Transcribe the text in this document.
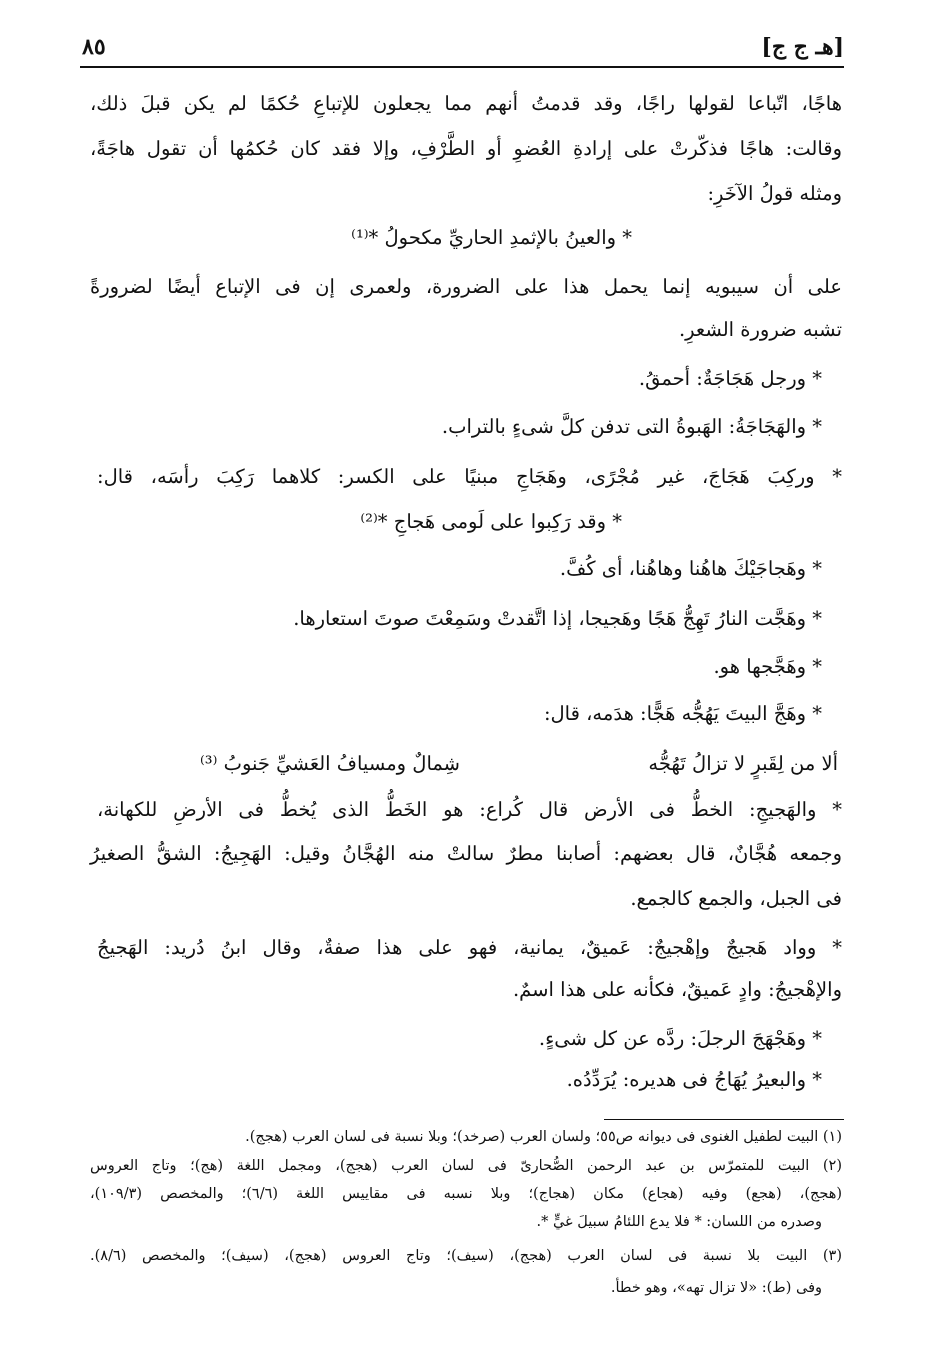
[هـ ج ج]
٨٥
هاجًا، اتّباعا لقولها راجًا، وقد قدمتُ أنهم مما يجعلون للإتباعِ حُكمًا لم يكن قبلَ ذلك،
وقالت: هاجًا فذكّرتْ على إرادةِ العُضوِ أو الطَّرْفِ، وإلا فقد كان حُكمُها أن تقول هاجَةً،
ومثله قولُ الآخَرِ:
* والعينُ بالإثمدِ الحاريِّ مكحولُ *⁽¹⁾
على أن سيبويه إنما يحمل هذا على الضرورة، ولعمرى إن فى الإتباع أيضًا لضرورةً
تشبه ضرورة الشعرِ.
* ورجل هَجَاجَةٌ: أحمقُ.
* والهَجَاجَةُ: الهَبوةُ التى تدفن كلَّ شىءٍ بالتراب.
* وركِبَ هَجَاجَ، غير مُجْرًى، وهَجَاجِ مبنيًا على الكسر: كلاهما رَكِبَ رأسَه، قال:
* وقد رَكِبوا على لَومى هَجاجِ *⁽²⁾
* وهَجاجَيْكَ هاهُنا وهاهُنا، أى كُفَّ.
* وهَجَّت النارُ تَهِجُّ هَجًا وهَجيجا، إذا اتَّقدتْ وسَمِعْتَ صوتَ استعارها.
* وهَجَّجها هو.
* وهَجَّ البيتَ يَهُجُّه هَجًّا: هدَمه، قال:
ألا من لِقَبرٍ لا تزالُ تَهُجُّه
شِمالٌ ومسيافُ العَشيِّ جَنوبُ ⁽³⁾
* والهَجيجِ: الخطُّ فى الأرض قال كُراع: هو الخَطُّ الذى يُخطُّ فى الأرضِ للكهانة،
وجمعه هُجَّانٌ، قال بعضهم: أصابنا مطرٌ سالتْ منه الهُجَّانُ وقيل: الهَجِيجُ: الشقُّ الصغيرُ
فى الجبل، والجمع كالجمع.
* وواد هَجيجٌ وإهْجيجٌ: عَميقٌ، يمانية، فهو على هذا صفةٌ، وقال ابنُ دُريد: الهَجيجُ
والإهْجيجُ: وادٍ عَميقٌ، فكأنه على هذا اسمٌ.
* وهَجْهَجَ الرجلَ: ردَّه عن كل شىءٍ.
* والبعيرُ يُهَاجُ فى هديره: يُرَدِّدُه.
(١) البيت لطفيل الغنوى فى ديوانه ص٥٥؛ ولسان العرب (صرخد)؛ وبلا نسبة فى لسان العرب (هجج).
(٢) البيت للمتمرّس بن عبد الرحمن الصُّحارىّ فى لسان العرب (هجج)، ومجمل اللغة (هج)؛ وتاج العروس
(هجج)، (هجع) وفيه (هجاع) مكان (هجاج)؛ وبلا نسبه فى مقاييس اللغة (٦/٦)؛ والمخصص (١٠٩/٣)،
وصدره من اللسان: * فلا يدع اللئامُ سبيلَ غيٍّ *.
(٣) البيت بلا نسبة فى لسان العرب (هجج)، (سيف)؛ وتاج العروس (هجج)، (سيف)؛ والمخصص (٨/٦).
وفى (ط): «لا تزال تهه»، وهو خطأ.
